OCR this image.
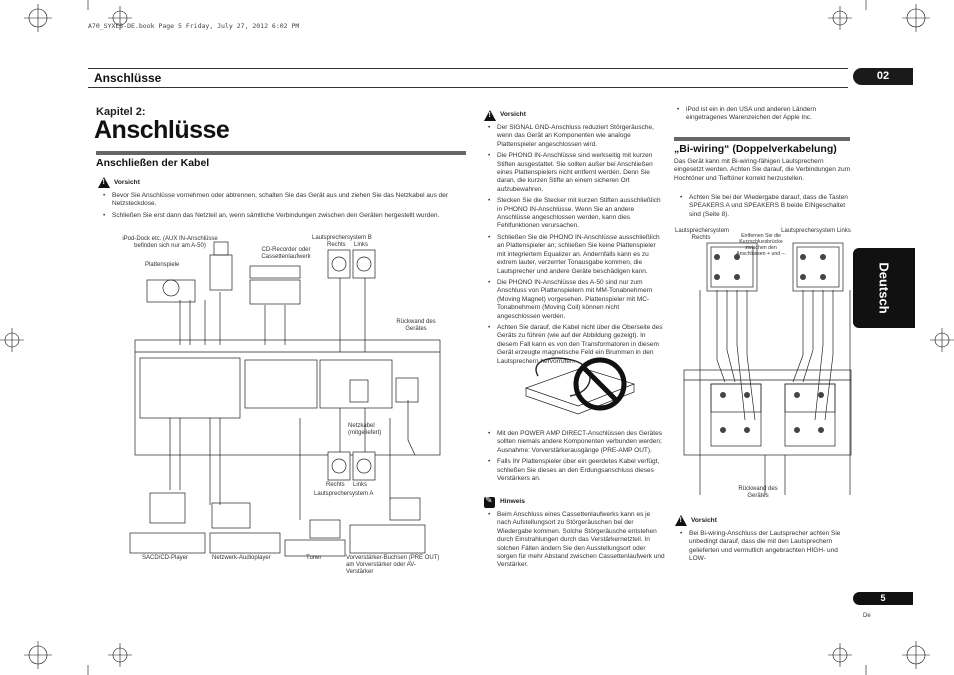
A70_SYXE8-DE.book Page 5 Friday, July 27, 2012 6:02 PM
Anschlüsse	02
Deutsch
Kapitel 2:
Anschlüsse
Anschließen der Kabel
!
Vorsicht
• Bevor Sie Anschlüsse vornehmen oder abtrennen, schalten Sie das Gerät aus und ziehen Sie das Netzkabel aus der Netzsteckdose.
• Schließen Sie erst dann das Netzteil an, wenn sämtliche Verbindungen zwischen den Geräten hergestellt wurden.
iPod-Dock etc. (AUX IN-Anschlüsse befinden sich nur am A-50)
Plattenspiele
CD-Recorder oder Cassettenlaufwerk
Lautsprechersystem B
Rechts Links
Rückwand des Gerätes
Netzkabel (mitgeliefert)
Rechts Links
Lautsprechersystem A
SACD/CD-Player	Netzwerk-Audioplayer	Tuner	Vorverstärker-Buchsen (PRE OUT) am Vorverstärker oder AV-Verstärker
!
Vorsicht
• Der SIGNAL GND-Anschluss reduziert Störgeräusche, wenn das Gerät an Komponenten wie analoge Plattenspieler angeschlossen wird.
• Die PHONO IN-Anschlüsse sind werkseitig mit kurzen Stiften ausgestattet. Sie sollten außer bei Anschließen eines Plattenspielers nicht entfernt werden. Denn Sie daran, die kurzen Stifte an einem sicheren Ort aufzubewahren.
• Stecken Sie die Stecker mit kurzen Stiften ausschließlich in PHONO IN-Anschlüsse. Wenn Sie an andere Anschlüsse angeschlossen werden, kann dies Fehlfunktionen verursachen.
• Schließen Sie die PHONO IN-Anschlüsse ausschließlich an Plattenspieler an; schließen Sie keine Plattenspieler mit integriertem Equalizer an. Andernfalls kann es zu extrem lauter, verzerrter Tonausgabe kommen, die Lautsprecher und andere Geräte beschädigen kann.
• Die PHONO IN-Anschlüsse des A-50 sind nur zum Anschluss von Plattenspielern mit MM-Tonabnehmern (Moving Magnet) vorgesehen. Plattenspieler mit MC-Tonabnehmern (Moving Coil) können nicht angeschlossen werden.
• Achten Sie darauf, die Kabel nicht über die Oberseite des Geräts zu führen (wie auf der Abbildung gezeigt). In diesem Fall kann es von den Transformatoren in diesem Gerät erzeugte magnetische Feld ein Brummen in den Lautsprechern hervorrufen.
• Mit den POWER AMP DIRECT-Anschlüssen des Gerätes sollten niemals andere Komponenten verbunden werden; Ausnahme: Vorverstärkerausgänge (PRE-AMP OUT).
• Falls Ihr Plattenspieler über ein geerdetes Kabel verfügt, schließen Sie dieses an den Erdungsanschluss dieses Verstärkers an.
✎
Hinweis
• Beim Anschluss eines Cassettenlaufwerks kann es je nach Aufstellungsort zu Störgeräuschen bei der Wiedergabe kommen. Solche Störgeräusche entstehen durch Einstrahlungen durch das Verstärkernetzteil. In solchen Fällen ändern Sie den Ausstellungsort oder sorgen für mehr Abstand zwischen Cassettenlaufwerk und Verstärker.
• iPod ist ein in den USA und anderen Ländern eingetragenes Warenzeichen der Apple Inc.
„Bi-wiring“ (Doppelverkabelung)
Das Gerät kann mit Bi-wiring-fähigen Lautsprechern eingesetzt werden. Achten Sie darauf, die Verbindungen zum Hochtöner und Tieftöner korrekt herzustellen.
• Achten Sie bei der Wiedergabe darauf, dass die Tasten SPEAKERS A und SPEAKERS B beide EINgeschaltet sind (Seite 8).
Lautsprechersystem Rechts	Entfernen Sie die Kurzschlussbrücke zwischen den Anschlüssen + und –.
Lautsprechersystem Links
Rückwand des Gerätes
!
Vorsicht
• Bei Bi-wiring-Anschluss der Lautsprecher achten Sie unbedingt darauf, dass die mit den Lautsprechern gelieferten und vermutlich angebrachten HIGH- und LOW-
5
De
